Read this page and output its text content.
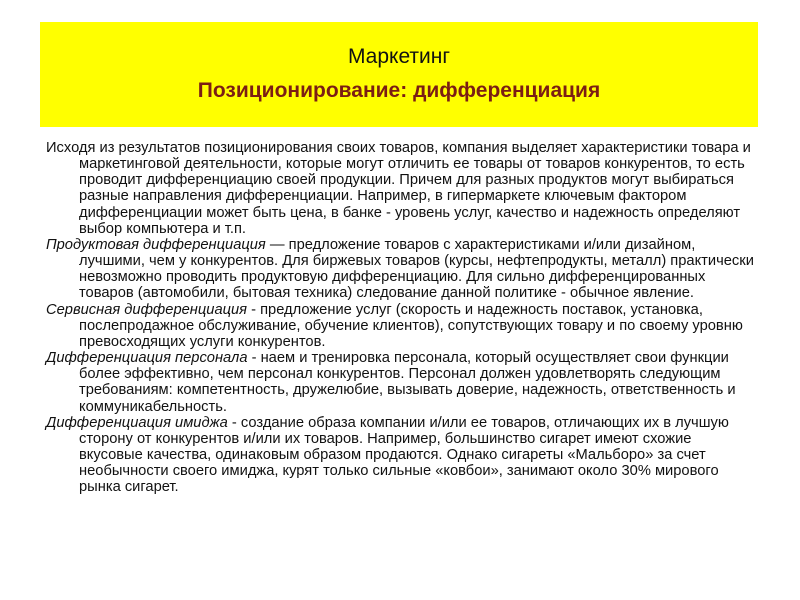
Маркетинг
Позиционирование: дифференциация

Исходя из результатов позиционирования своих товаров, компания выделяет характеристики товара и маркетинговой деятельности, которые могут отличить ее товары от товаров конкурентов, то есть проводит дифференциацию своей продукции. Причем для разных продуктов могут выбираться разные направления дифференциации. Например, в гипермаркете ключевым фактором дифференциации может быть цена, в банке - уровень услуг, качество и надежность определяют выбор компьютера и т.п.

Продуктовая дифференциация — предложение товаров с характеристиками и/или дизайном, лучшими, чем у конкурентов. Для биржевых товаров (курсы, нефтепродукты, металл) практически невозможно проводить продуктовую дифференциацию. Для сильно дифференцированных товаров (автомобили, бытовая техника) следование данной политике - обычное явление.

Сервисная дифференциация - предложение услуг (скорость и надежность поставок, установка, послепродажное обслуживание, обучение клиентов), сопутствующих товару и по своему уровню превосходящих услуги конкурентов.

Дифференциация персонала - наем и тренировка персонала, который осуществляет свои функции более эффективно, чем персонал конкурентов. Персонал должен удовлетворять следующим требованиям: компетентность, дружелюбие, вызывать доверие, надежность, ответственность и коммуникабельность.

Дифференциация имиджа - создание образа компании и/или ее товаров, отличающих их в лучшую сторону от конкурентов и/или их товаров. Например, большинство сигарет имеют схожие вкусовые качества, одинаковым образом продаются. Однако сигареты «Мальборо» за счет необычности своего имиджа, курят только сильные «ковбои», занимают около 30% мирового рынка сигарет.
